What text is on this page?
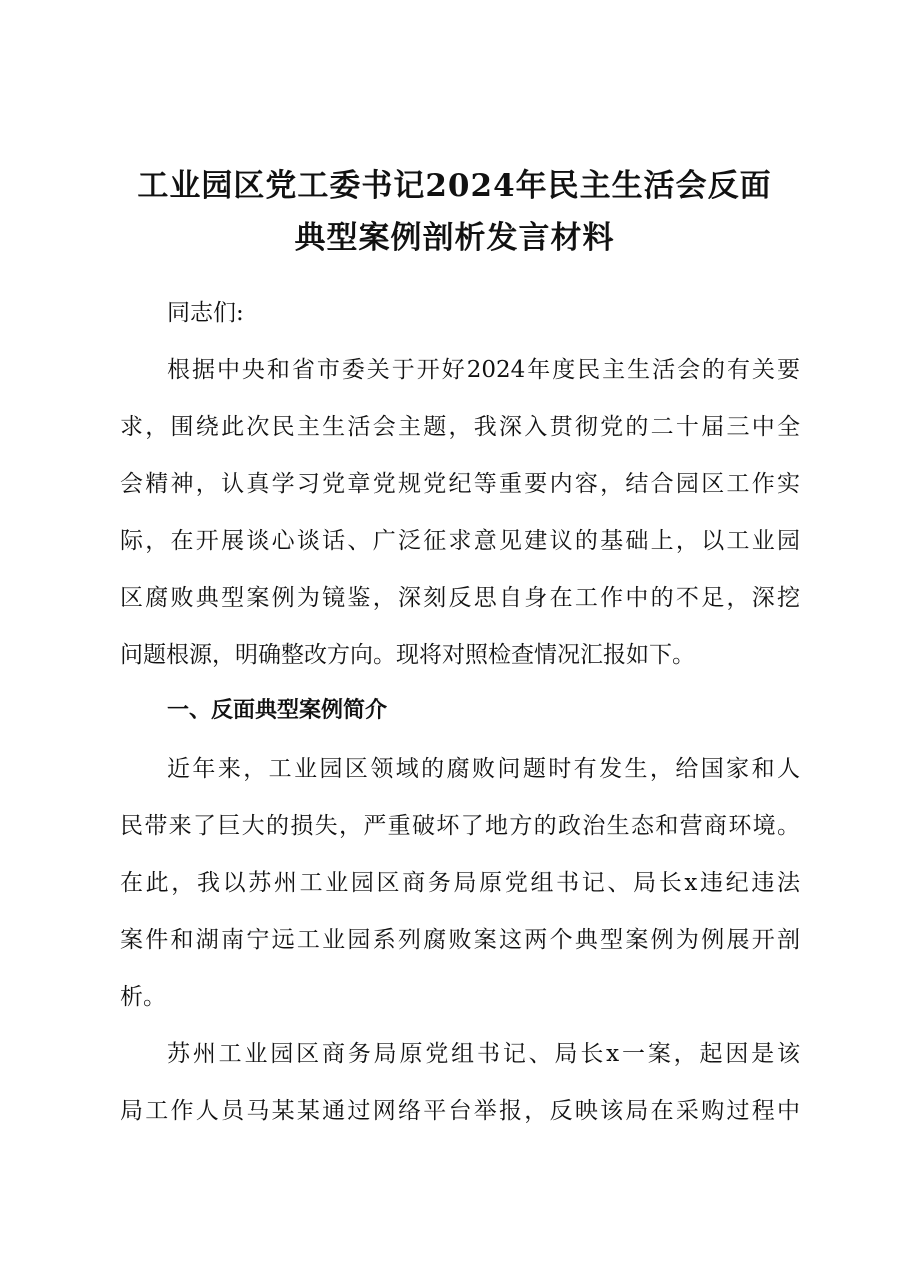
工业园区党工委书记2024年民主生活会反面
典型案例剖析发言材料
同志们:
根据中央和省市委关于开好2024年度民主生活会的有关要
求，围绕此次民主生活会主题，我深入贯彻党的二十届三中全
会精神，认真学习党章党规党纪等重要内容，结合园区工作实
际，在开展谈心谈话、广泛征求意见建议的基础上，以工业园
区腐败典型案例为镜鉴，深刻反思自身在工作中的不足，深挖
问题根源，明确整改方向。现将对照检查情况汇报如下。
一、反面典型案例简介
近年来，工业园区领域的腐败问题时有发生，给国家和人
民带来了巨大的损失，严重破坏了地方的政治生态和营商环境。
在此，我以苏州工业园区商务局原党组书记、局长x违纪违法
案件和湖南宁远工业园系列腐败案这两个典型案例为例展开剖
析。
苏州工业园区商务局原党组书记、局长x一案，起因是该
局工作人员马某某通过网络平台举报，反映该局在采购过程中
